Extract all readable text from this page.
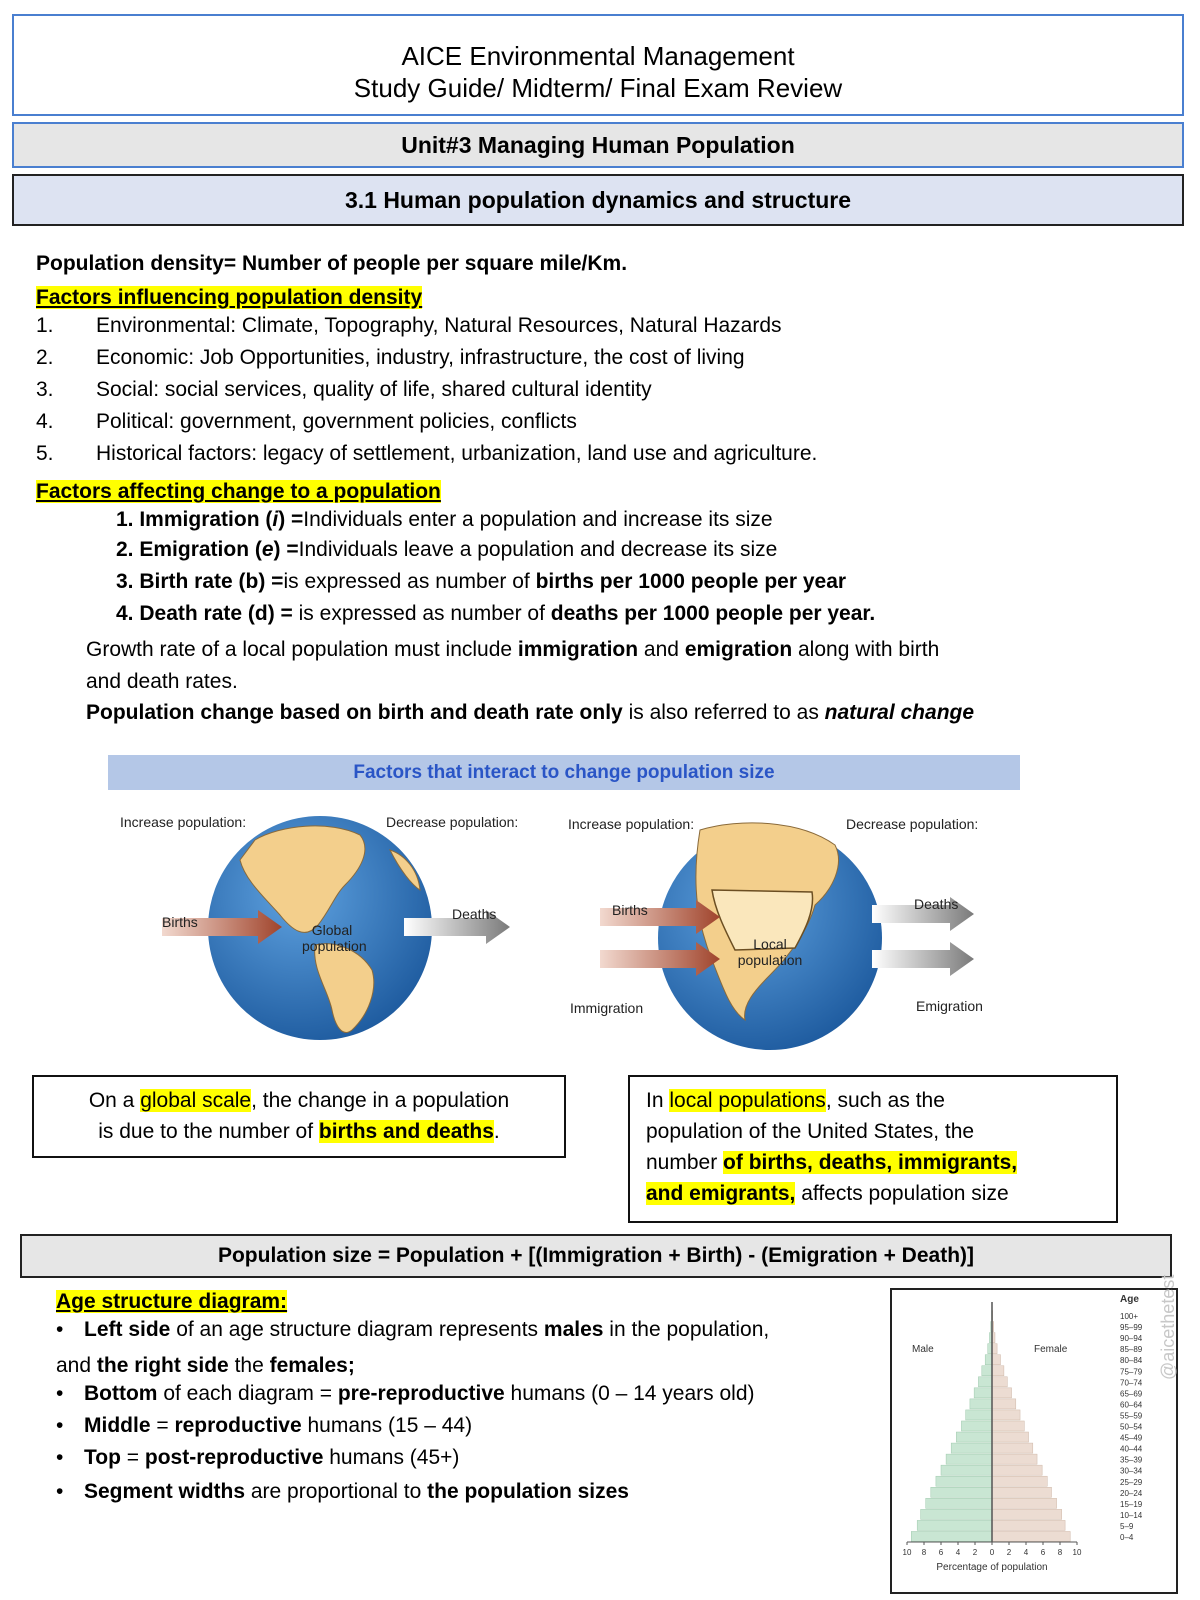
AICE Environmental Management
Study Guide/ Midterm/ Final Exam Review
Unit#3 Managing Human Population
3.1 Human population dynamics and structure
Population density= Number of people per square mile/Km.
Factors influencing population density
1. Environmental: Climate, Topography, Natural Resources, Natural Hazards
2. Economic: Job Opportunities, industry, infrastructure, the cost of living
3. Social: social services, quality of life, shared cultural identity
4. Political: government, government policies, conflicts
5. Historical factors: legacy of settlement, urbanization, land use and agriculture.
Factors affecting change to a population
1. Immigration (i) =Individuals enter a population and increase its size
2. Emigration (e) =Individuals leave a population and decrease its size
3. Birth rate (b) =is expressed as number of births per 1000 people per year
4. Death rate (d) = is expressed as number of deaths per 1000 people per year.
Growth rate of a local population must include immigration and emigration along with birth
and death rates.
Population change based on birth and death rate only is also referred to as natural change
Factors that interact to change population size
Increase population:	Decrease population:
Births	Deaths
Global
population
Increase population:	Decrease population:
Births
Immigration
Deaths
Emigration
Local
population
On a global scale, the change in a population
is due to the number of births and deaths.
In local populations, such as the
population of the United States, the
number of births, deaths, immigrants,
and emigrants, affects population size
Population size = Population + [(Immigration + Birth) - (Emigration + Death)]
Age structure diagram:
• Left side of an age structure diagram represents males in the population,
and the right side the females;
• Bottom of each diagram = pre-reproductive humans (0 – 14 years old)
• Middle = reproductive humans (15 – 44)
• Top = post-reproductive humans (45+)
• Segment widths are proportional to the population sizes
0–4
5–9
10–14
15–19
20–24
25–29
30–34
35–39
40–44
45–49
50–54
55–59
60–64
65–69
70–74
75–79
80–84
85–89
90–94
95–99
100+
10 8 6 4 2 0 2 4 6 8 10
Percentage of population
Male	Female
Age @aicethetest
